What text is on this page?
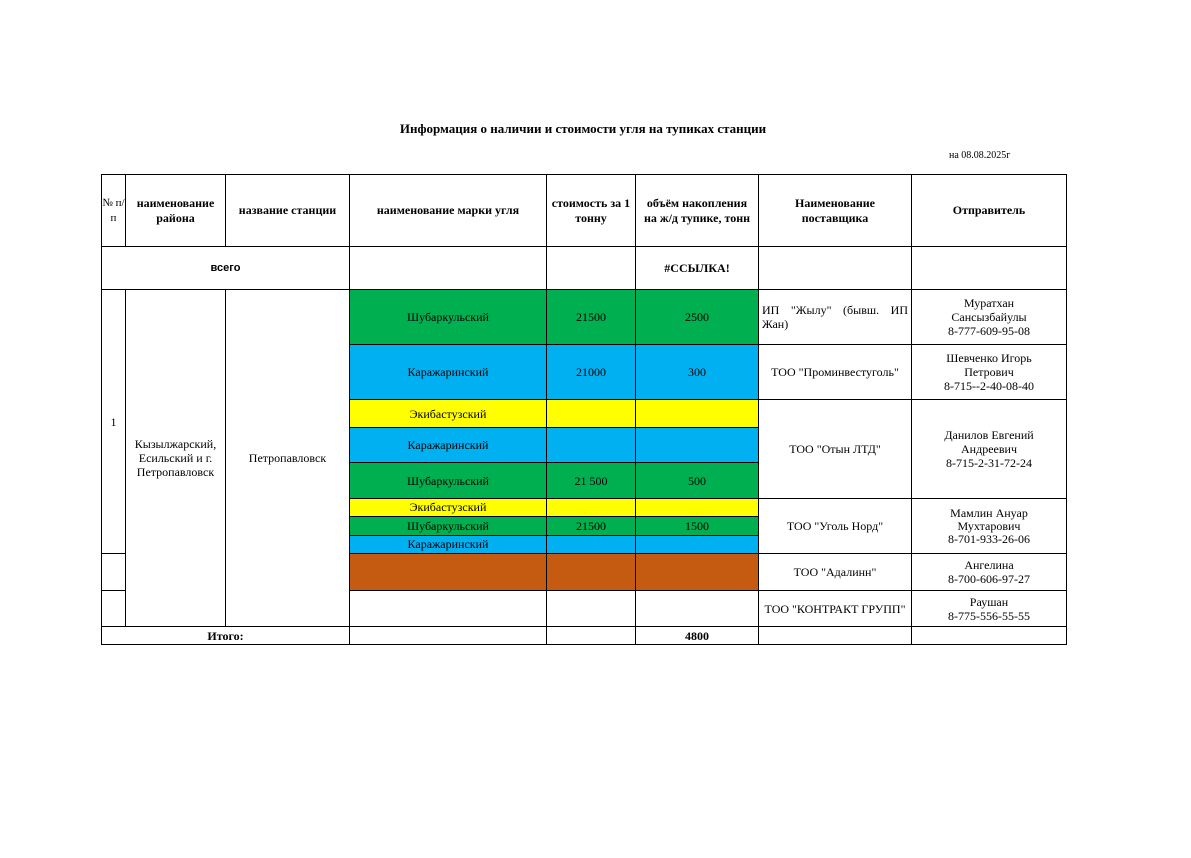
Информация о наличии и стоимости угля на тупиках станции
на 08.08.2025г
№ п/п	наименование района	название станции	наименование марки угля	стоимость за 1 тонну	объём накопления на ж/д тупике, тонн	Наименование поставщика	Отправитель
всего					#ССЫЛКА!		
1	Кызылжарский, Есильский и г. Петропавловск	Петропавловск	Шубаркульский	21500	2500	ИП "Жылу" (бывш. ИП Жан)	Муратхан
Сансызбайулы
8-777-609-95-08

			Каражаринский	21000	300	ТОО "Проминвестуголь"	Шевченко Игорь
Петрович
8-715--2-40-08-40

			Экибастузский			ТОО "Отын ЛТД"	Данилов Евгений
Андреевич
8-715-2-31-72-24

			Каражаринский				
			Шубаркульский	21 500	500		
			Экибастузский			ТОО "Уголь Норд"	Мамлин Ануар
Мухтарович
8-701-933-26-06

			Шубаркульский	21500	1500		
			Каражаринский				
						ТОО "Адалинн"	Ангелина
8-700-606-97-27

						ТОО "КОНТРАКТ ГРУПП"	Раушан
8-775-556-55-55

Итого:					4800		
